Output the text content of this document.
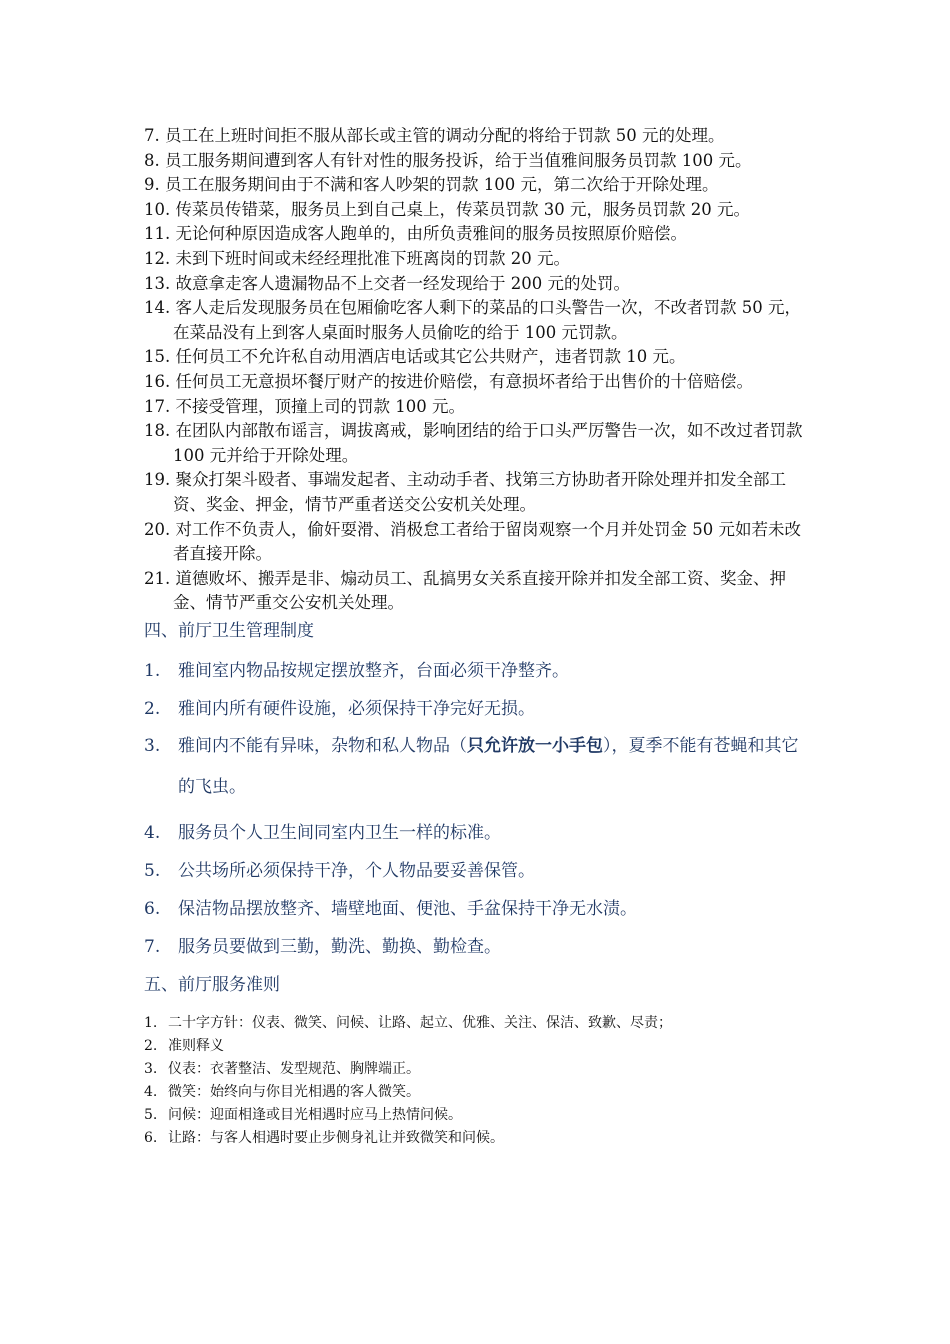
7. 员工在上班时间拒不服从部长或主管的调动分配的将给于罚款 50 元的处理。
8. 员工服务期间遭到客人有针对性的服务投诉，给于当值雅间服务员罚款 100 元。
9. 员工在服务期间由于不满和客人吵架的罚款 100 元，第二次给于开除处理。
10. 传菜员传错菜，服务员上到自己桌上，传菜员罚款 30 元，服务员罚款 20 元。
11. 无论何种原因造成客人跑单的，由所负责雅间的服务员按照原价赔偿。
12. 未到下班时间或未经经理批准下班离岗的罚款 20 元。
13. 故意拿走客人遗漏物品不上交者一经发现给于 200 元的处罚。
14. 客人走后发现服务员在包厢偷吃客人剩下的菜品的口头警告一次，不改者罚款 50 元，在菜品没有上到客人桌面时服务人员偷吃的给于 100 元罚款。
15. 任何员工不允许私自动用酒店电话或其它公共财产，违者罚款 10 元。
16. 任何员工无意损坏餐厅财产的按进价赔偿，有意损坏者给于出售价的十倍赔偿。
17. 不接受管理，顶撞上司的罚款 100 元。
18. 在团队内部散布谣言，调拔离戒，影响团结的给于口头严厉警告一次，如不改过者罚款 100 元并给于开除处理。
19. 聚众打架斗殴者、事端发起者、主动动手者、找第三方协助者开除处理并扣发全部工资、奖金、押金，情节严重者送交公安机关处理。
20. 对工作不负责人，偷奸耍滑、消极怠工者给于留岗观察一个月并处罚金 50 元如若未改者直接开除。
21. 道德败坏、搬弄是非、煽动员工、乱搞男女关系直接开除并扣发全部工资、奖金、押金、情节严重交公安机关处理。
四、前厅卫生管理制度
1. 雅间室内物品按规定摆放整齐，台面必须干净整齐。
2. 雅间内所有硬件设施，必须保持干净完好无损。
3. 雅间内不能有异味，杂物和私人物品（只允许放一小手包），夏季不能有苍蝇和其它的飞虫。
4. 服务员个人卫生间同室内卫生一样的标准。
5. 公共场所必须保持干净，个人物品要妥善保管。
6. 保洁物品摆放整齐、墙壁地面、便池、手盆保持干净无水渍。
7. 服务员要做到三勤，勤洗、勤换、勤检查。
五、前厅服务准则
1. 二十字方针：仪表、微笑、问候、让路、起立、优雅、关注、保洁、致歉、尽责；
2. 准则释义
3. 仪表：衣著整洁、发型规范、胸牌端正。
4. 微笑：始终向与你目光相遇的客人微笑。
5. 问候：迎面相逢或目光相遇时应马上热情问候。
6. 让路：与客人相遇时要止步侧身礼让并致微笑和问候。
